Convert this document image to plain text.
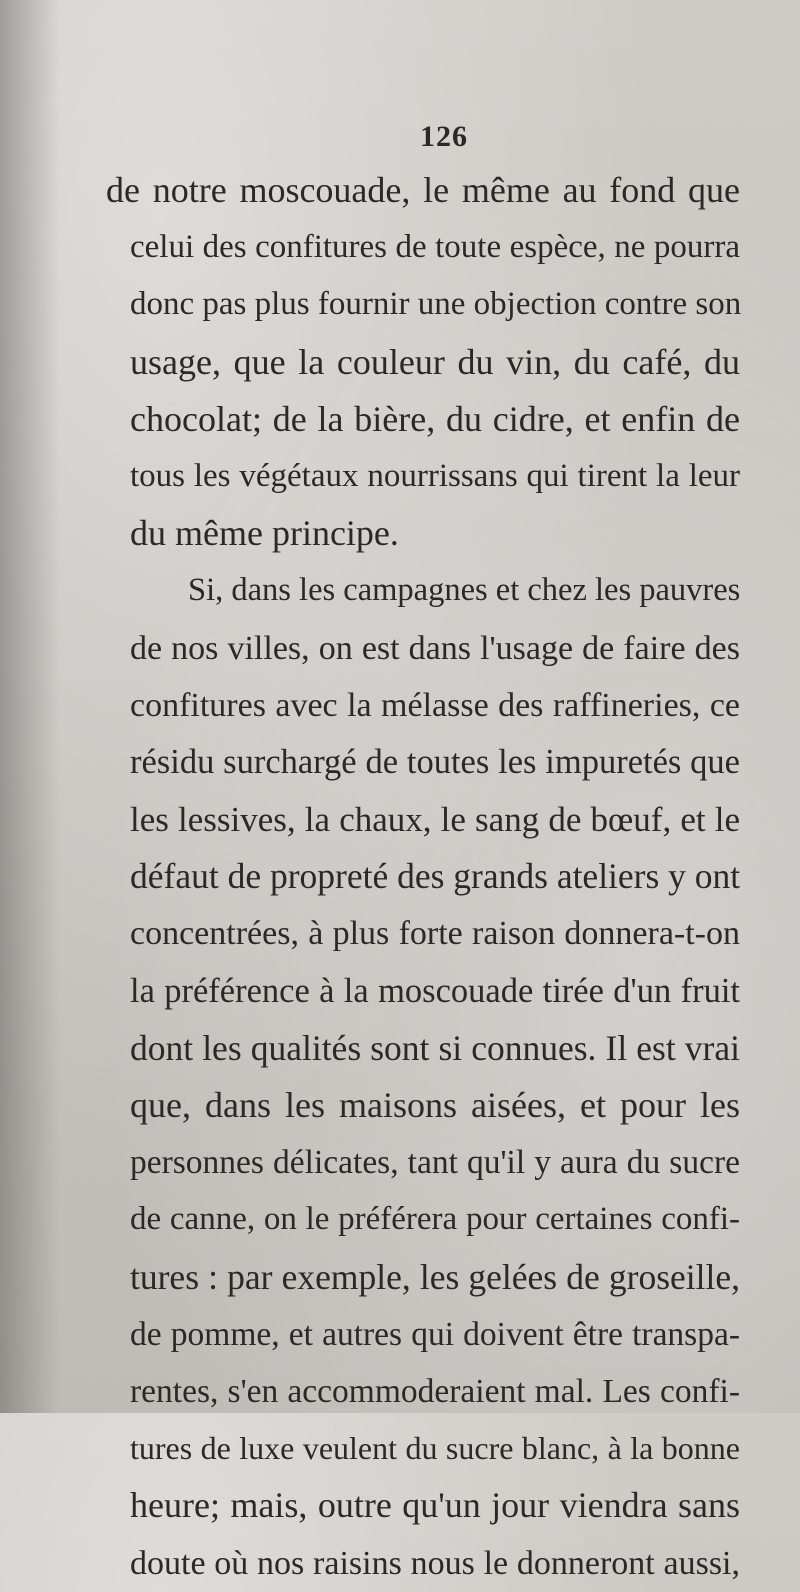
126
de notre moscouade, le même au fond que
celui des confitures de toute espèce, ne pourra
donc pas plus fournir une objection contre son
usage, que la couleur du vin, du café, du
chocolat; de la bière, du cidre, et enfin de
tous les végétaux nourrissans qui tirent la leur
du même principe.
Si, dans les campagnes et chez les pauvres
de nos villes, on est dans l'usage de faire des
confitures avec la mélasse des raffineries, ce
résidu surchargé de toutes les impuretés que
les lessives, la chaux, le sang de bœuf, et le
défaut de propreté des grands ateliers y ont
concentrées, à plus forte raison donnera-t-on
la préférence à la moscouade tirée d'un fruit
dont les qualités sont si connues. Il est vrai
que, dans les maisons aisées, et pour les
personnes délicates, tant qu'il y aura du sucre
de canne, on le préférera pour certaines confi-
tures : par exemple, les gelées de groseille,
de pomme, et autres qui doivent être transpa-
rentes, s'en accommoderaient mal. Les confi-
tures de luxe veulent du sucre blanc, à la bonne
heure; mais, outre qu'un jour viendra sans
doute où nos raisins nous le donneront aussi,
